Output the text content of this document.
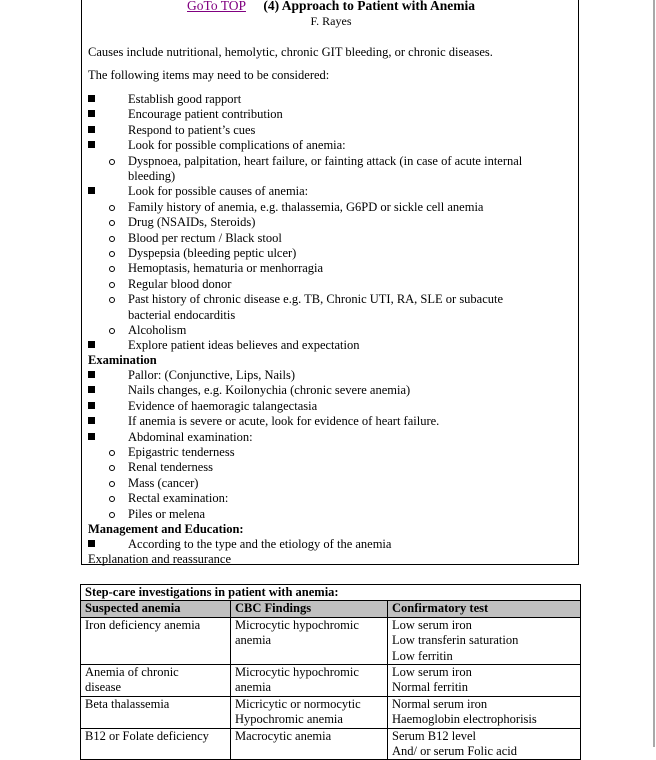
GoTo TOP (4) Approach to Patient with Anemia
F. Rayes
Causes include nutritional, hemolytic, chronic GIT bleeding, or chronic diseases.
The following items may need to be considered:
Establish good rapport
Encourage patient contribution
Respond to patient’s cues
Look for possible complications of anemia:
Dyspnoea, palpitation, heart failure, or fainting attack (in case of acute internal
bleeding)
Look for possible causes of anemia:
Family history of anemia, e.g. thalassemia, G6PD or sickle cell anemia
Drug (NSAIDs, Steroids)
Blood per rectum / Black stool
Dyspepsia (bleeding peptic ulcer)
Hemoptasis, hematuria or menhorragia
Regular blood donor
Past history of chronic disease e.g. TB, Chronic UTI, RA, SLE or subacute
bacterial endocarditis
Alcoholism
Explore patient ideas believes and expectation
Examination
Pallor: (Conjunctive, Lips, Nails)
Nails changes, e.g. Koilonychia (chronic severe anemia)
Evidence of haemoragic talangectasia
If anemia is severe or acute, look for evidence of heart failure.
Abdominal examination:
Epigastric tenderness
Renal tenderness
Mass (cancer)
Rectal examination:
Piles or melena
Management and Education:
According to the type and the etiology of the anemia
Explanation and reassurance
Step-care investigations in patient with anemia:		
Suspected anemia	CBC Findings	Confirmatory test

Iron deficiency anemia	Microcytic hypochromic
anemia	Low serum iron
Low transferin saturation
Low ferritin

Anemia of chronic
disease	Microcytic hypochromic
anemia	Low serum iron
Normal ferritin

Beta thalassemia	Micricytic or normocytic
Hypochromic anemia	Normal serum iron
Haemoglobin electrophorisis

B12 or Folate deficiency	Macrocytic anemia	Serum B12 level
And/ or serum Folic acid
